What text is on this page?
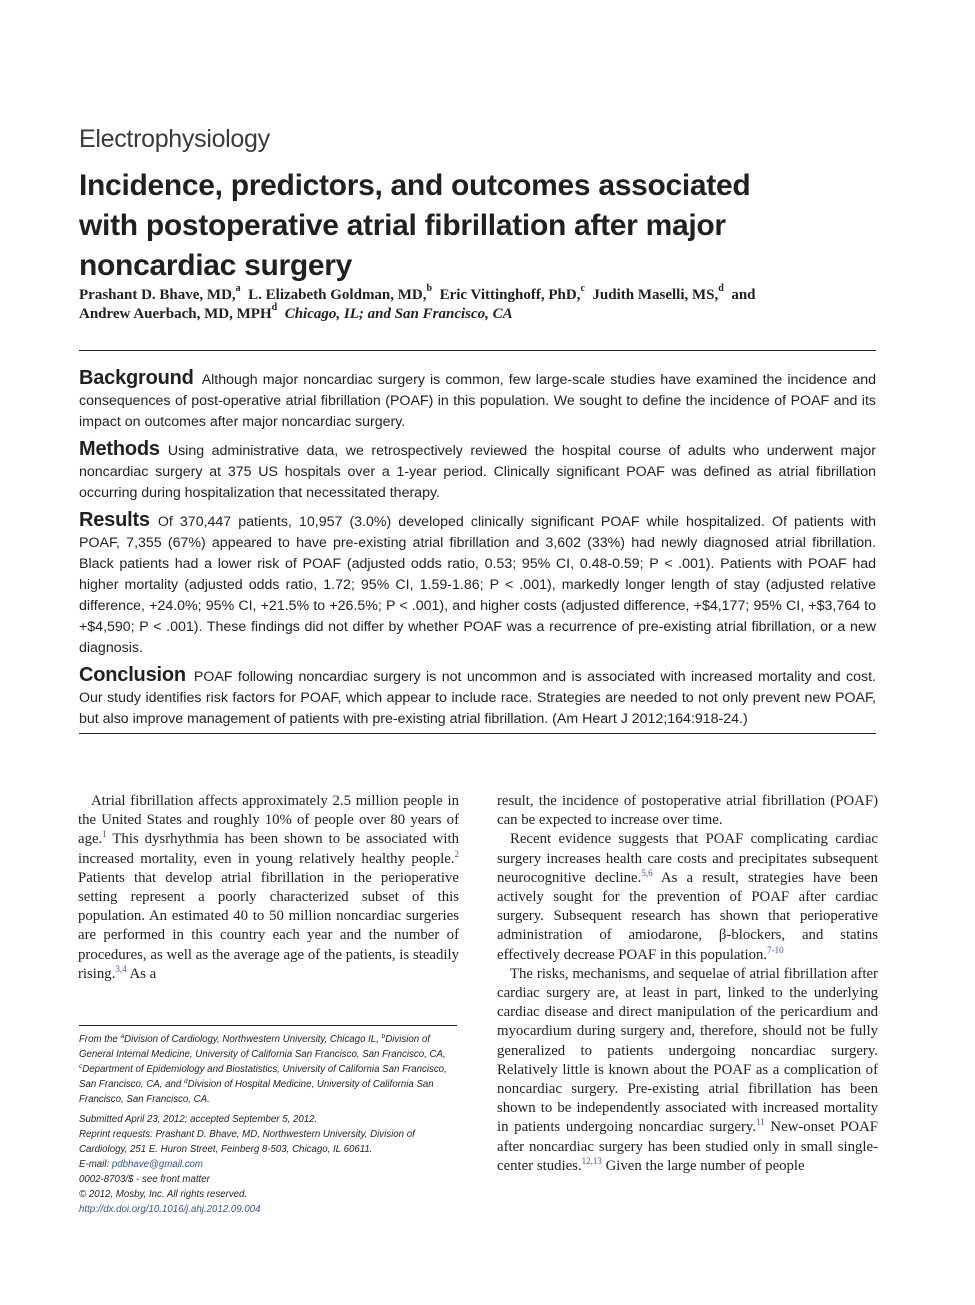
Electrophysiology
Incidence, predictors, and outcomes associated
with postoperative atrial fibrillation after major
noncardiac surgery
Prashant D. Bhave, MD,$^a$ L. Elizabeth Goldman, MD,$^b$ Eric Vittinghoff, PhD,$^c$ Judith Maselli, MS,$^d$ and
Andrew Auerbach, MD, MPH$^d$ Chicago, IL; and San Francisco, CA

Background Although major noncardiac surgery is common, few large-scale studies have examined the incidence and consequences of post-operative atrial fibrillation (POAF) in this population. We sought to define the incidence of POAF and its impact on outcomes after major noncardiac surgery.

Methods Using administrative data, we retrospectively reviewed the hospital course of adults who underwent major noncardiac surgery at 375 US hospitals over a 1-year period. Clinically significant POAF was defined as atrial fibrillation occurring during hospitalization that necessitated therapy.

Results Of 370,447 patients, 10,957 (3.0%) developed clinically significant POAF while hospitalized. Of patients with POAF, 7,355 (67%) appeared to have pre-existing atrial fibrillation and 3,602 (33%) had newly diagnosed atrial fibrillation. Black patients had a lower risk of POAF (adjusted odds ratio, 0.53; 95% CI, 0.48-0.59; P < .001). Patients with POAF had higher mortality (adjusted odds ratio, 1.72; 95% CI, 1.59-1.86; P < .001), markedly longer length of stay (adjusted relative difference, +24.0%; 95% CI, +21.5% to +26.5%; P < .001), and higher costs (adjusted difference, +$4,177; 95% CI, +$3,764 to +$4,590; P < .001). These findings did not differ by whether POAF was a recurrence of pre-existing atrial fibrillation, or a new diagnosis.

Conclusion POAF following noncardiac surgery is not uncommon and is associated with increased mortality and cost. Our study identifies risk factors for POAF, which appear to include race. Strategies are needed to not only prevent new POAF, but also improve management of patients with pre-existing atrial fibrillation. (Am Heart J 2012;164:918-24.)

Atrial fibrillation affects approximately 2.5 million people in the United States and roughly 10% of people over 80 years of age.$^1$ This dysrhythmia has been shown to be associated with increased mortality, even in young relatively healthy people.$^2$ Patients that develop atrial fibrillation in the perioperative setting represent a poorly characterized subset of this population. An estimated 40 to 50 million noncardiac surgeries are performed in this country each year and the number of procedures, as well as the average age of the patients, is steadily rising.$^{3,4}$ As a

From the $^a$Division of Cardiology, Northwestern University, Chicago IL, $^b$Division of General Internal Medicine, University of California San Francisco, San Francisco, CA, $^c$Department of Epidemiology and Biostatistics, University of California San Francisco, San Francisco, CA, and $^d$Division of Hospital Medicine, University of California San Francisco, San Francisco, CA.
Submitted April 23, 2012; accepted September 5, 2012.
Reprint requests: Prashant D. Bhave, MD, Northwestern University, Division of Cardiology, 251 E. Huron Street, Feinberg 8-503, Chicago, IL 60611.
E-mail: pdbhave@gmail.com
0002-8703/$ - see front matter
© 2012, Mosby, Inc. All rights reserved.
http://dx.doi.org/10.1016/j.ahj.2012.09.004

result, the incidence of postoperative atrial fibrillation (POAF) can be expected to increase over time.

Recent evidence suggests that POAF complicating cardiac surgery increases health care costs and precipitates subsequent neurocognitive decline.$^{5,6}$ As a result, strategies have been actively sought for the prevention of POAF after cardiac surgery. Subsequent research has shown that perioperative administration of amiodarone, β-blockers, and statins effectively decrease POAF in this population.$^{7-10}$

The risks, mechanisms, and sequelae of atrial fibrillation after cardiac surgery are, at least in part, linked to the underlying cardiac disease and direct manipulation of the pericardium and myocardium during surgery and, therefore, should not be fully generalized to patients undergoing noncardiac surgery. Relatively little is known about the POAF as a complication of noncardiac surgery. Pre-existing atrial fibrillation has been shown to be independently associated with increased mortality in patients undergoing noncardiac surgery.$^{11}$ New-onset POAF after noncardiac surgery has been studied only in small single-center studies.$^{12,13}$ Given the large number of people
